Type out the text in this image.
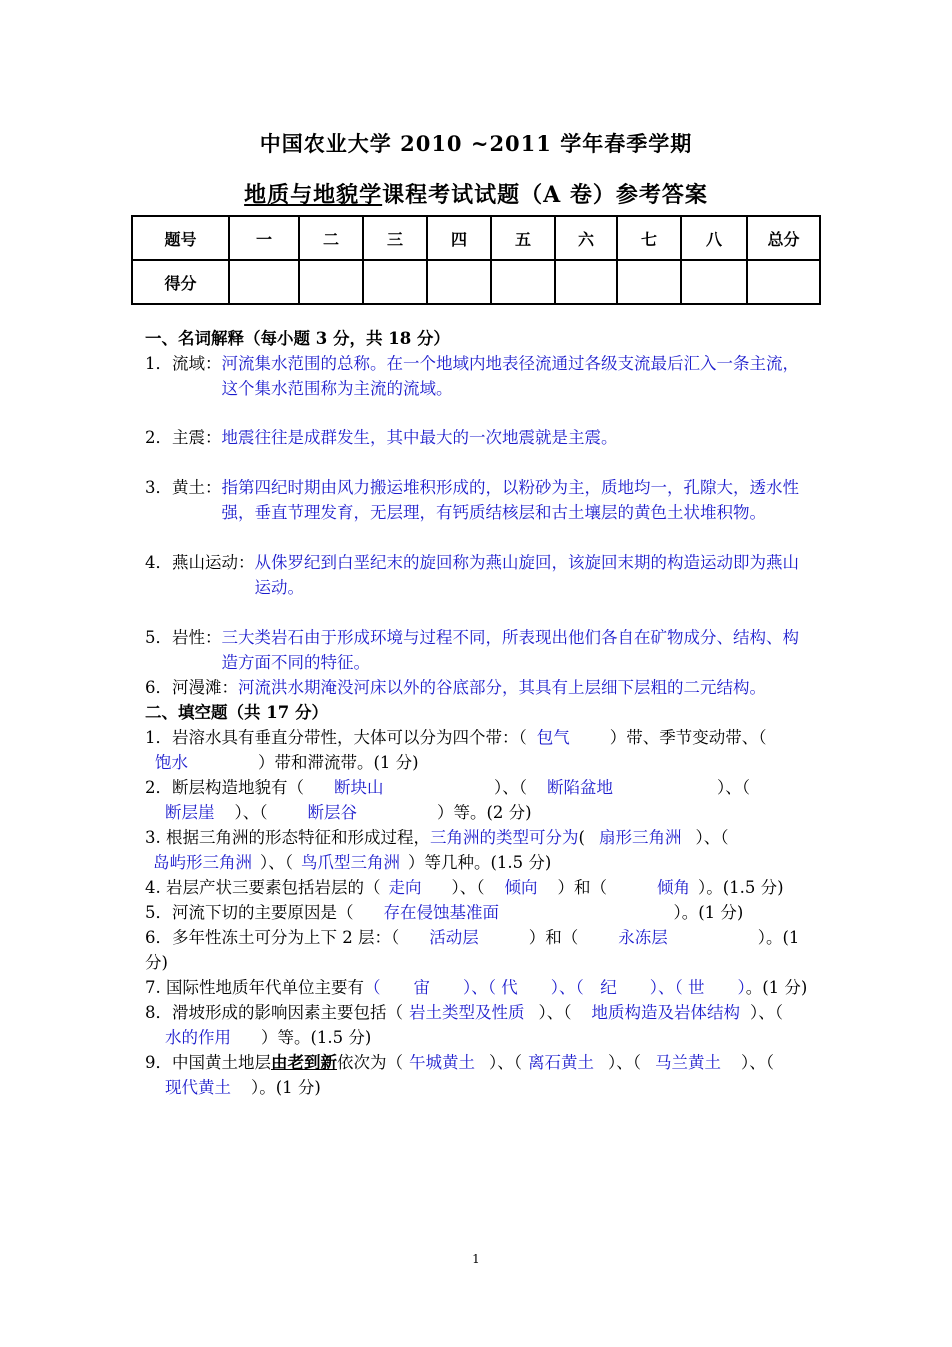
中国农业大学 2010 ~2011 学年春季学期
地质与地貌学课程考试试题（A 卷）参考答案
题号	一	二	三	四	五	六	七	八	总分
得分									

一、名词解释（每小题 3 分，共 18 分）

1．流域： 河流集水范围的总称。在一个地域内地表径流通过各级支流最后汇入一条主流，这个集水范围称为主流的流域。
2．主震： 地震往往是成群发生，其中最大的一次地震就是主震。
3．黄土： 指第四纪时期由风力搬运堆积形成的，以粉砂为主，质地均一，孔隙大，透水性强，垂直节理发育，无层理，有钙质结核层和古土壤层的黄色土状堆积物。
4．燕山运动： 从侏罗纪到白垩纪末的旋回称为燕山旋回，该旋回末期的构造运动即为燕山运动。
5．岩性： 三大类岩石由于形成环境与过程不同，所表现出他们各自在矿物成分、结构、构造方面不同的特征。
6．河漫滩： 河流洪水期淹没河床以外的谷底部分，其具有上层细下层粗的二元结构。

二、填空题（共 17 分）

1．岩溶水具有垂直分带性，大体可以分为四个带：（ 包气 ）带、季节变动带、（
饱水	）带和滞流带。(1 分)

2．断层构造地貌有（ 断块山	）、（ 断陷盆地	）、（断层崖 ）、（ 断层谷	）等。(2 分)

3. 根据三角洲的形态特征和形成过程，三角洲的类型可分为( 扇形三角洲 ）、（岛屿形三角洲 ）、（ 鸟爪型三角洲 ）等几种。(1.5 分)

4. 岩层产状三要素包括岩层的（ 走向 ）、（ 倾向 ）和（	倾角 ）。(1.5 分)

5．河流下切的主要原因是（ 存在侵蚀基准面	）。(1 分)

6．多年性冻土可分为上下 2 层：（ 活动层	）和（ 永冻层	）。(1 分)

7. 国际性地质年代单位主要有（　　宙　　）、（ 代　　）、（　纪　　）、（ 世　　）。(1 分)

8．滑坡形成的影响因素主要包括（ 岩土类型及性质 ）、（ 地质构造及岩体结构 ）、（水的作用 ）等。(1.5 分)

9．中国黄土地层由老到新依次为（ 午城黄土 ）、（ 离石黄土 ）、（ 马兰黄土 ）、（现代黄土 ）。(1 分)

1
